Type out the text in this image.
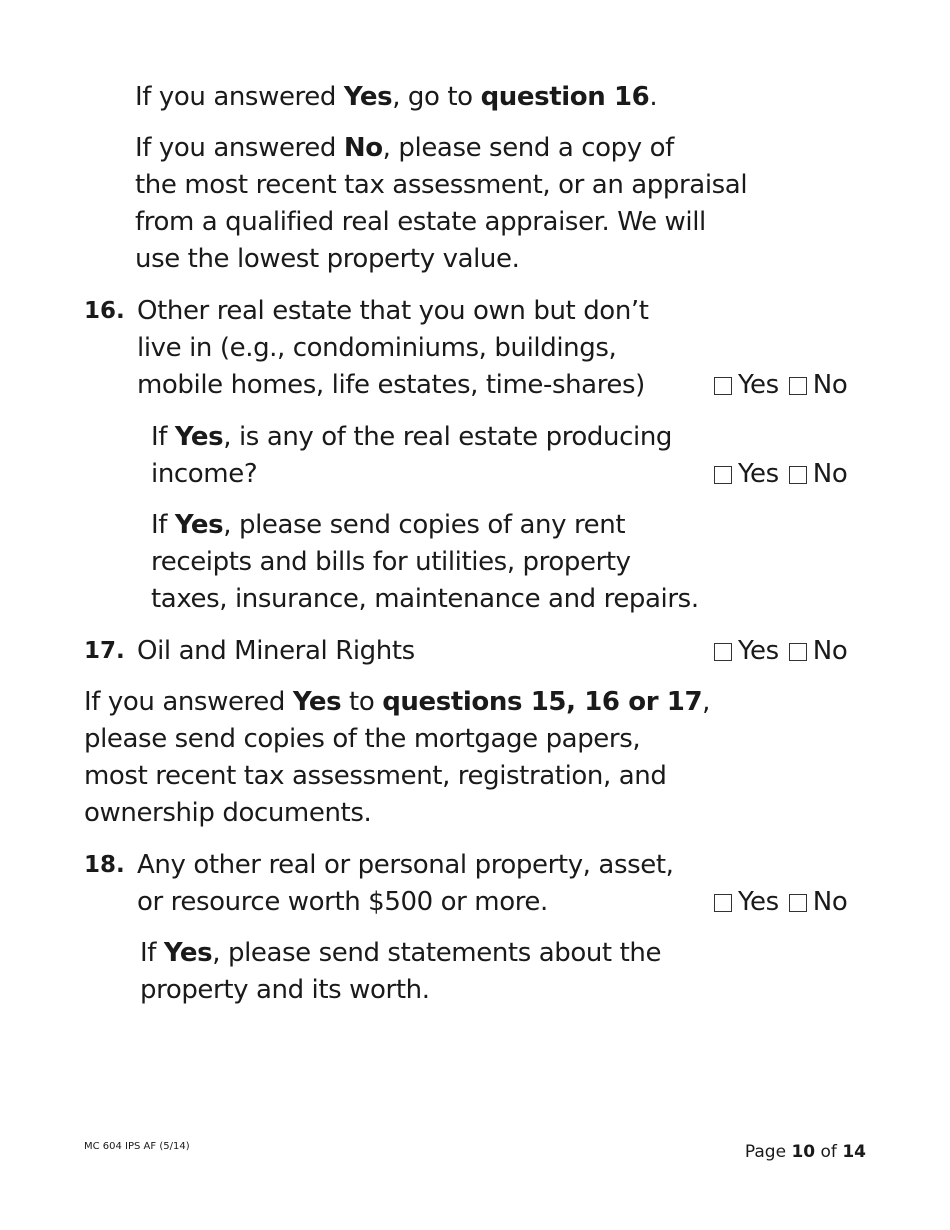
If you answered Yes, go to question 16.
If you answered No, please send a copy of
the most recent tax assessment, or an appraisal
from a qualified real estate appraiser. We will
use the lowest property value.
16. Other real estate that you own but don’t
live in (e.g., condominiums, buildings,
mobile homes, life estates, time-shares)	Yes No
If Yes, is any of the real estate producing
income?	Yes No
If Yes, please send copies of any rent
receipts and bills for utilities, property
taxes, insurance, maintenance and repairs.
17. Oil and Mineral Rights	Yes No
If you answered Yes to questions 15, 16 or 17,
please send copies of the mortgage papers,
most recent tax assessment, registration, and
ownership documents.
18. Any other real or personal property, asset,
or resource worth $500 or more.	Yes No
If Yes, please send statements about the
property and its worth.
MC 604 IPS AF (5/14)	Page 10 of 14
